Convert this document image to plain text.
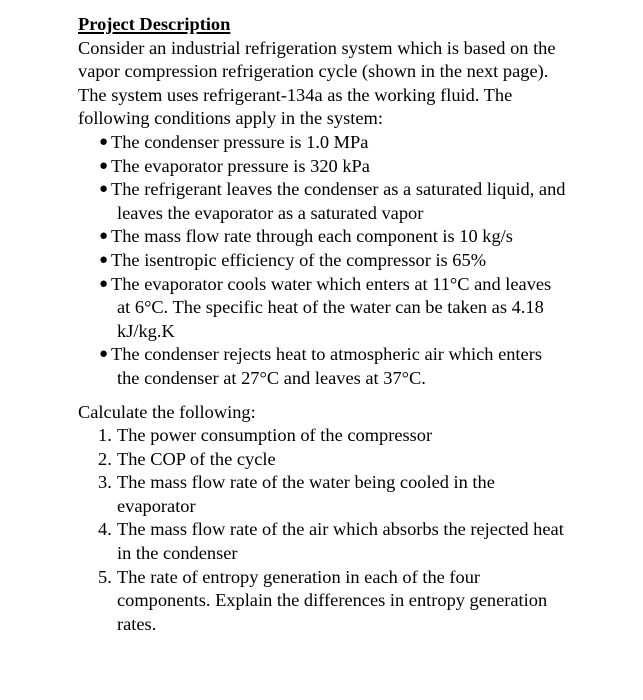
Project Description

Consider an industrial refrigeration system which is based on the vapor compression refrigeration cycle (shown in the next page). The system uses refrigerant-134a as the working fluid. The following conditions apply in the system:

● The condenser pressure is 1.0 MPa
● The evaporator pressure is 320 kPa
● The refrigerant leaves the condenser as a saturated liquid, and leaves the evaporator as a saturated vapor
● The mass flow rate through each component is 10 kg/s
● The isentropic efficiency of the compressor is 65%
● The evaporator cools water which enters at 11°C and leaves at 6°C. The specific heat of the water can be taken as 4.18 kJ/kg.K
● The condenser rejects heat to atmospheric air which enters the condenser at 27°C and leaves at 37°C.

Calculate the following:

1. The power consumption of the compressor
2. The COP of the cycle
3. The mass flow rate of the water being cooled in the evaporator
4. The mass flow rate of the air which absorbs the rejected heat in the condenser
5. The rate of entropy generation in each of the four components. Explain the differences in entropy generation rates.
